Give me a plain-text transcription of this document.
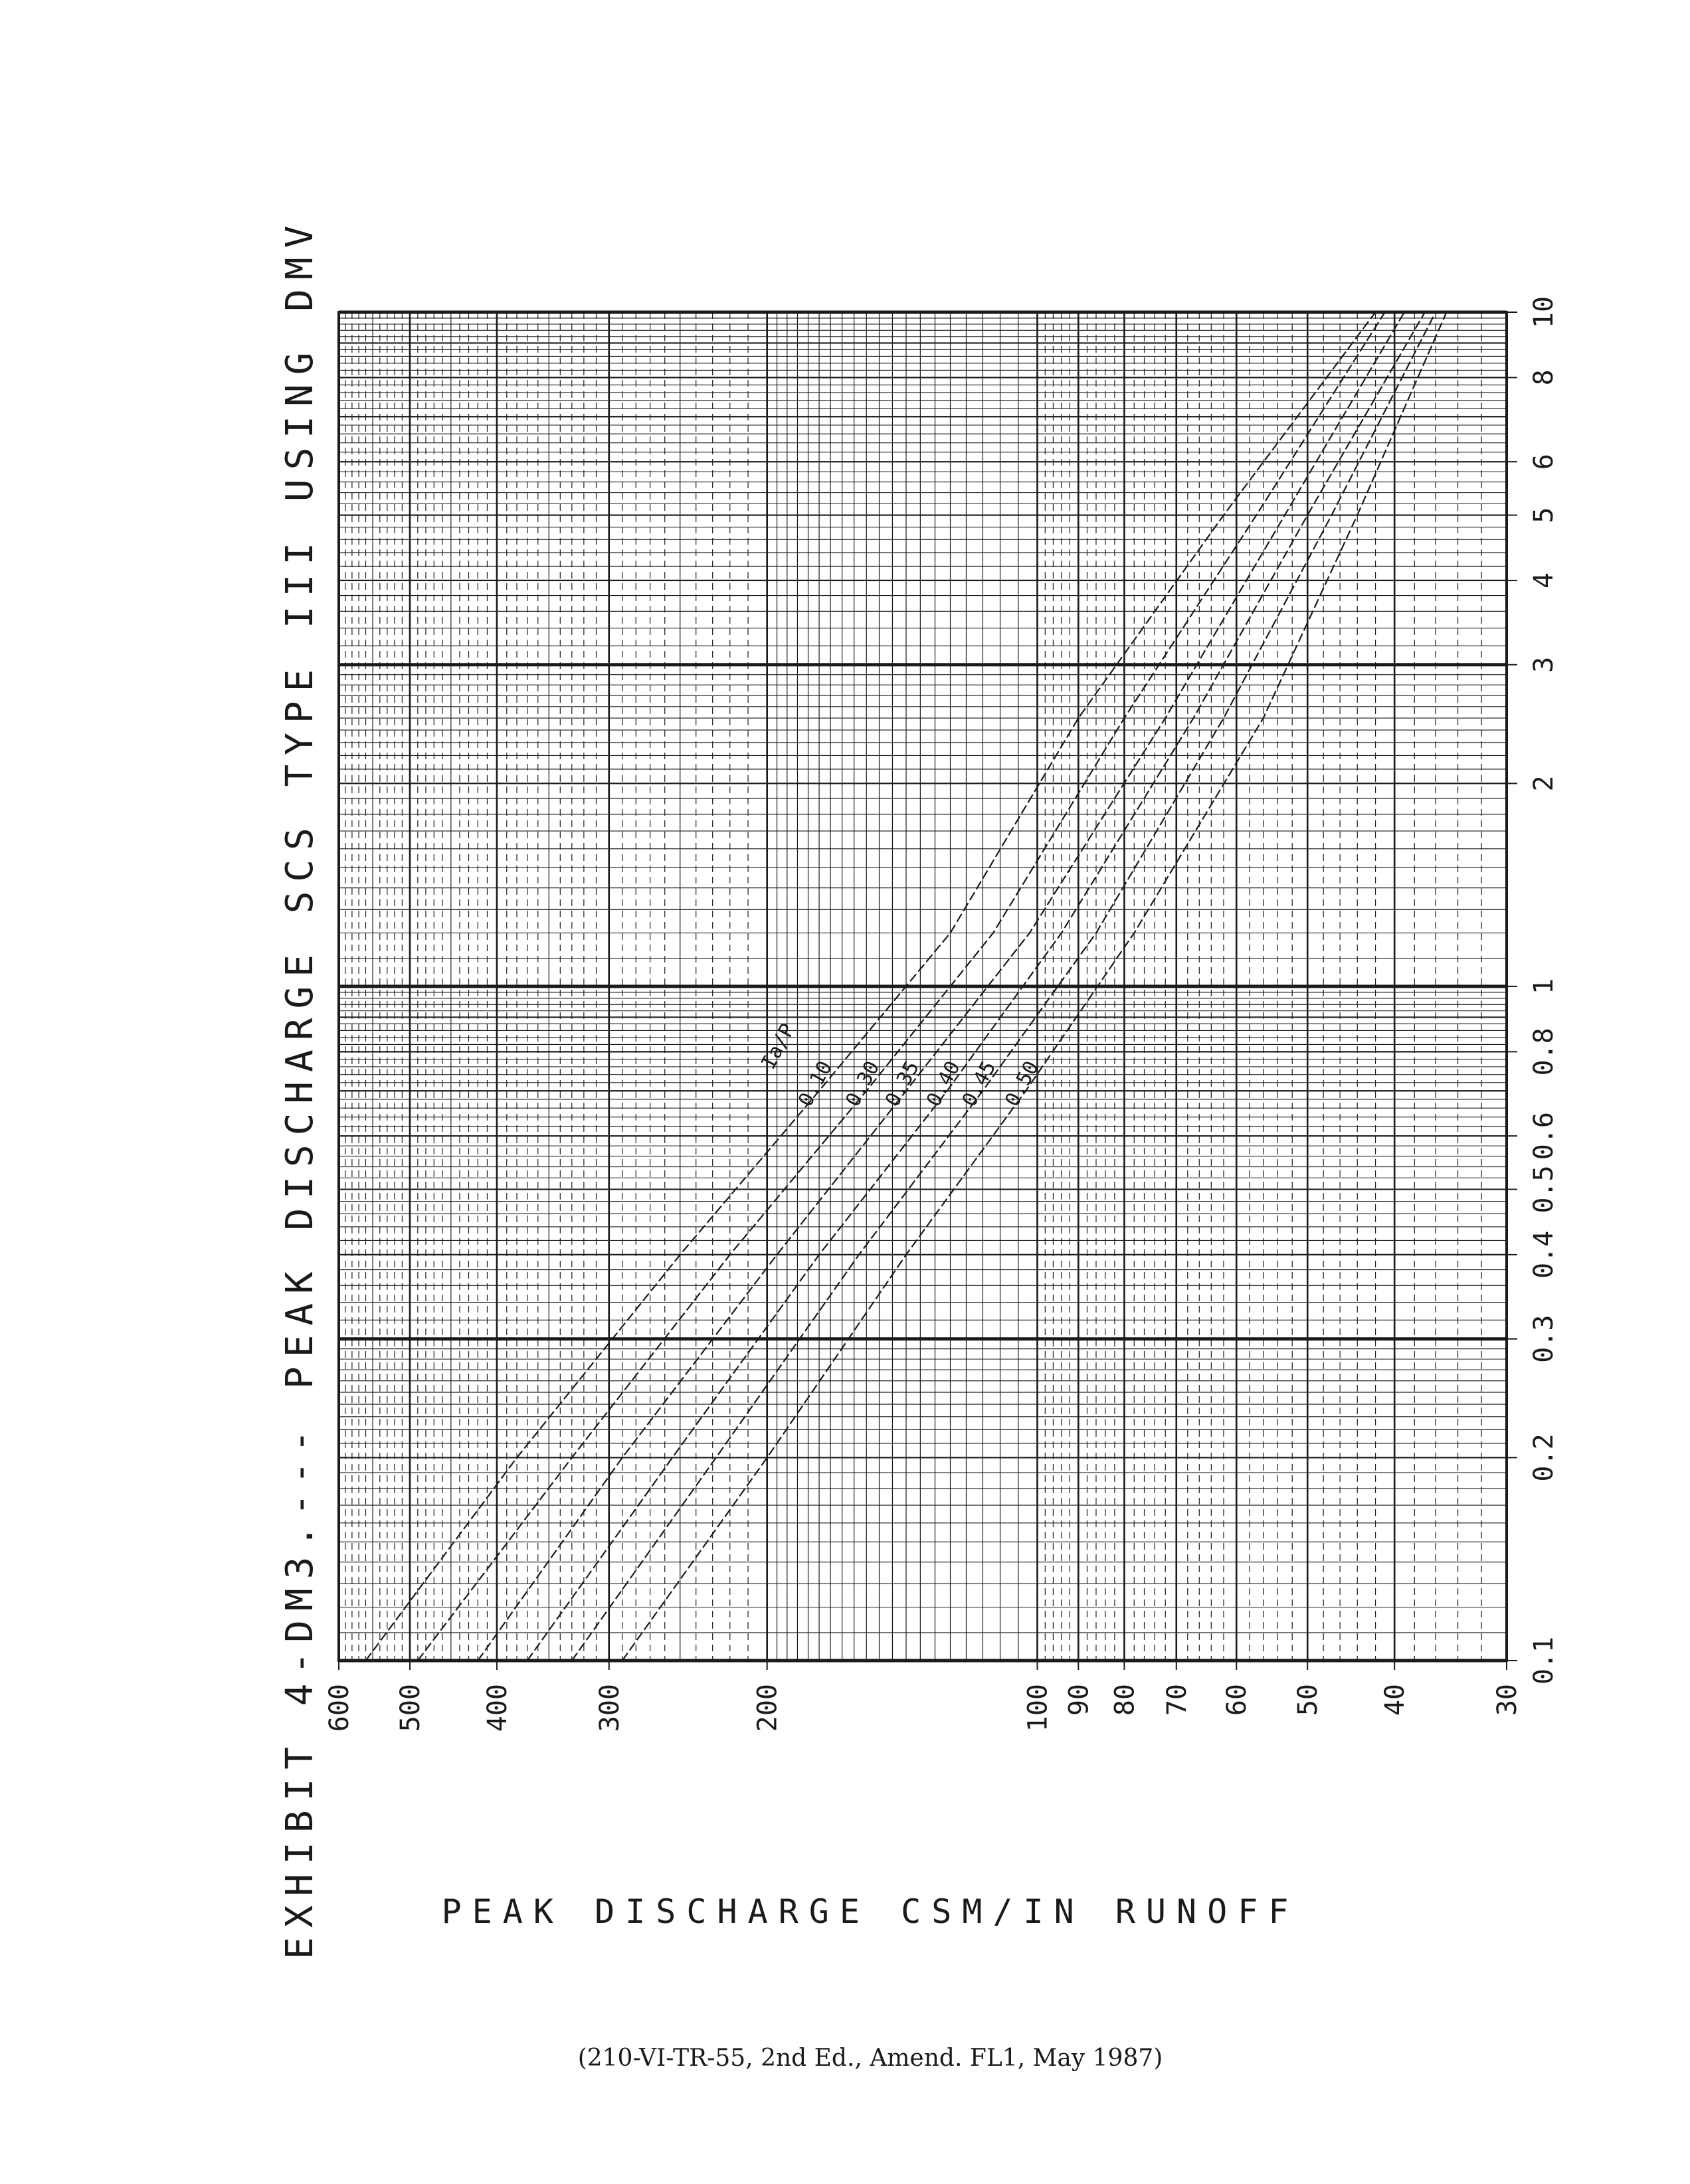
0.10 0.30
0.35
0.40
0.45 0.50
Ia/P
600 500 400	300	200	100 90 80 70 60 50 40	30
0.1
0.2
0.3
0.4
0.5
0.6
0.8
1
2
3
4
5
6
8
10
EXHIBIT 4-DM3.--- PEAK DISCHARGE SCS TYPE III USING DMV	PEAK DISCHARGE CSM/IN RUNOFF
(210-VI-TR-55, 2nd Ed., Amend. FL1, May 1987)
